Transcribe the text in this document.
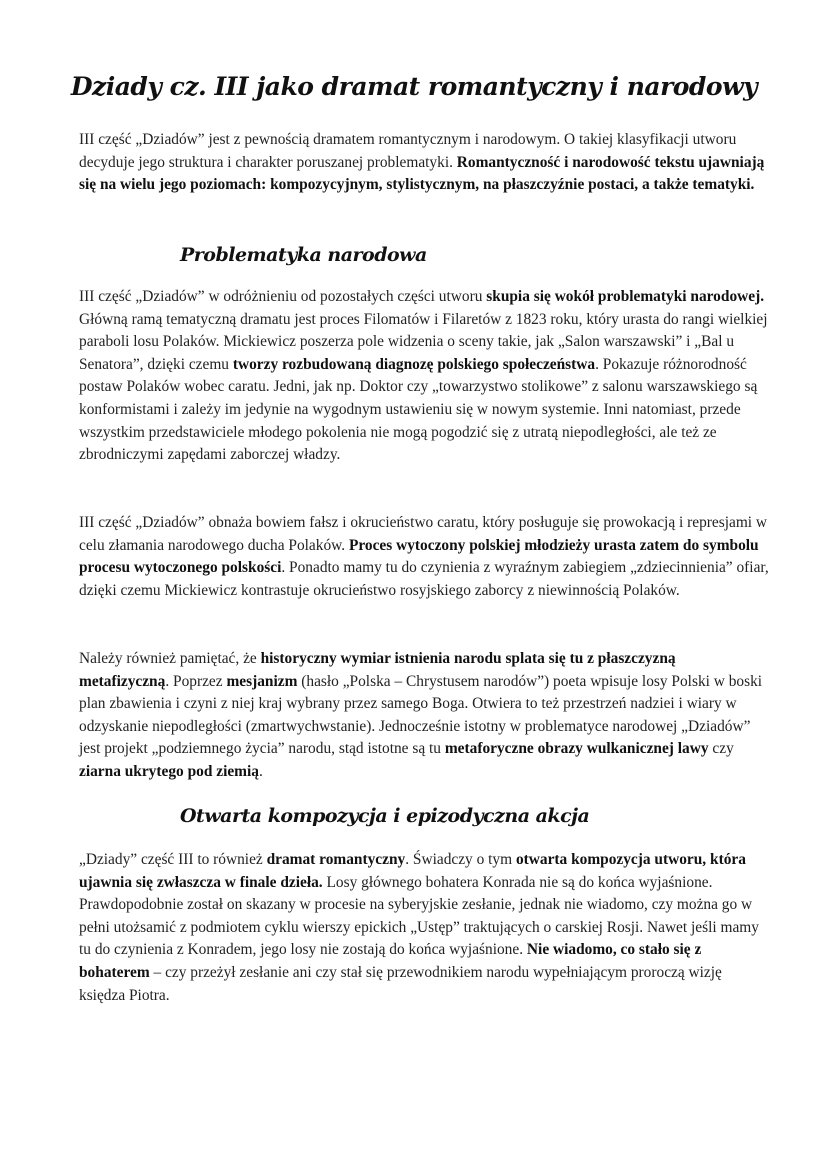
Dziady cz. III jako dramat romantyczny i narodowy

III część „Dziadów” jest z pewnością dramatem romantycznym i narodowym. O takiej klasyfikacji utworu decyduje jego struktura i charakter poruszanej problematyki. Romantyczność i narodowość tekstu ujawniają się na wielu jego poziomach: kompozycyjnym, stylistycznym, na płaszczyźnie postaci, a także tematyki.

Problematyka narodowa

III część „Dziadów” w odróżnieniu od pozostałych części utworu skupia się wokół problematyki narodowej. Główną ramą tematyczną dramatu jest proces Filomatów i Filaretów z 1823 roku, który urasta do rangi wielkiej paraboli losu Polaków. Mickiewicz poszerza pole widzenia o sceny takie, jak „Salon warszawski” i „Bal u Senatora”, dzięki czemu tworzy rozbudowaną diagnozę polskiego społeczeństwa. Pokazuje różnorodność postaw Polaków wobec caratu. Jedni, jak np. Doktor czy „towarzystwo stolikowe” z salonu warszawskiego są konformistami i zależy im jedynie na wygodnym ustawieniu się w nowym systemie. Inni natomiast, przede wszystkim przedstawiciele młodego pokolenia nie mogą pogodzić się z utratą niepodległości, ale też ze zbrodniczymi zapędami zaborczej władzy.

III część „Dziadów” obnaża bowiem fałsz i okrucieństwo caratu, który posługuje się prowokacją i represjami w celu złamania narodowego ducha Polaków. Proces wytoczony polskiej młodzieży urasta zatem do symbolu procesu wytoczonego polskości. Ponadto mamy tu do czynienia z wyraźnym zabiegiem „zdziecinnienia” ofiar, dzięki czemu Mickiewicz kontrastuje okrucieństwo rosyjskiego zaborcy z niewinnością Polaków.

Należy również pamiętać, że historyczny wymiar istnienia narodu splata się tu z płaszczyzną metafizyczną. Poprzez mesjanizm (hasło „Polska – Chrystusem narodów”) poeta wpisuje losy Polski w boski plan zbawienia i czyni z niej kraj wybrany przez samego Boga. Otwiera to też przestrzeń nadziei i wiary w odzyskanie niepodległości (zmartwychwstanie). Jednocześnie istotny w problematyce narodowej „Dziadów” jest projekt „podziemnego życia” narodu, stąd istotne są tu metaforyczne obrazy wulkanicznej lawy czy ziarna ukrytego pod ziemią.

Otwarta kompozycja i epizodyczna akcja

„Dziady” część III to również dramat romantyczny. Świadczy o tym otwarta kompozycja utworu, która ujawnia się zwłaszcza w finale dzieła. Losy głównego bohatera Konrada nie są do końca wyjaśnione. Prawdopodobnie został on skazany w procesie na syberyjskie zesłanie, jednak nie wiadomo, czy można go w pełni utożsamić z podmiotem cyklu wierszy epickich „Ustęp” traktujących o carskiej Rosji. Nawet jeśli mamy tu do czynienia z Konradem, jego losy nie zostają do końca wyjaśnione. Nie wiadomo, co stało się z bohaterem – czy przeżył zesłanie ani czy stał się przewodnikiem narodu wypełniającym proroczą wizję księdza Piotra.
